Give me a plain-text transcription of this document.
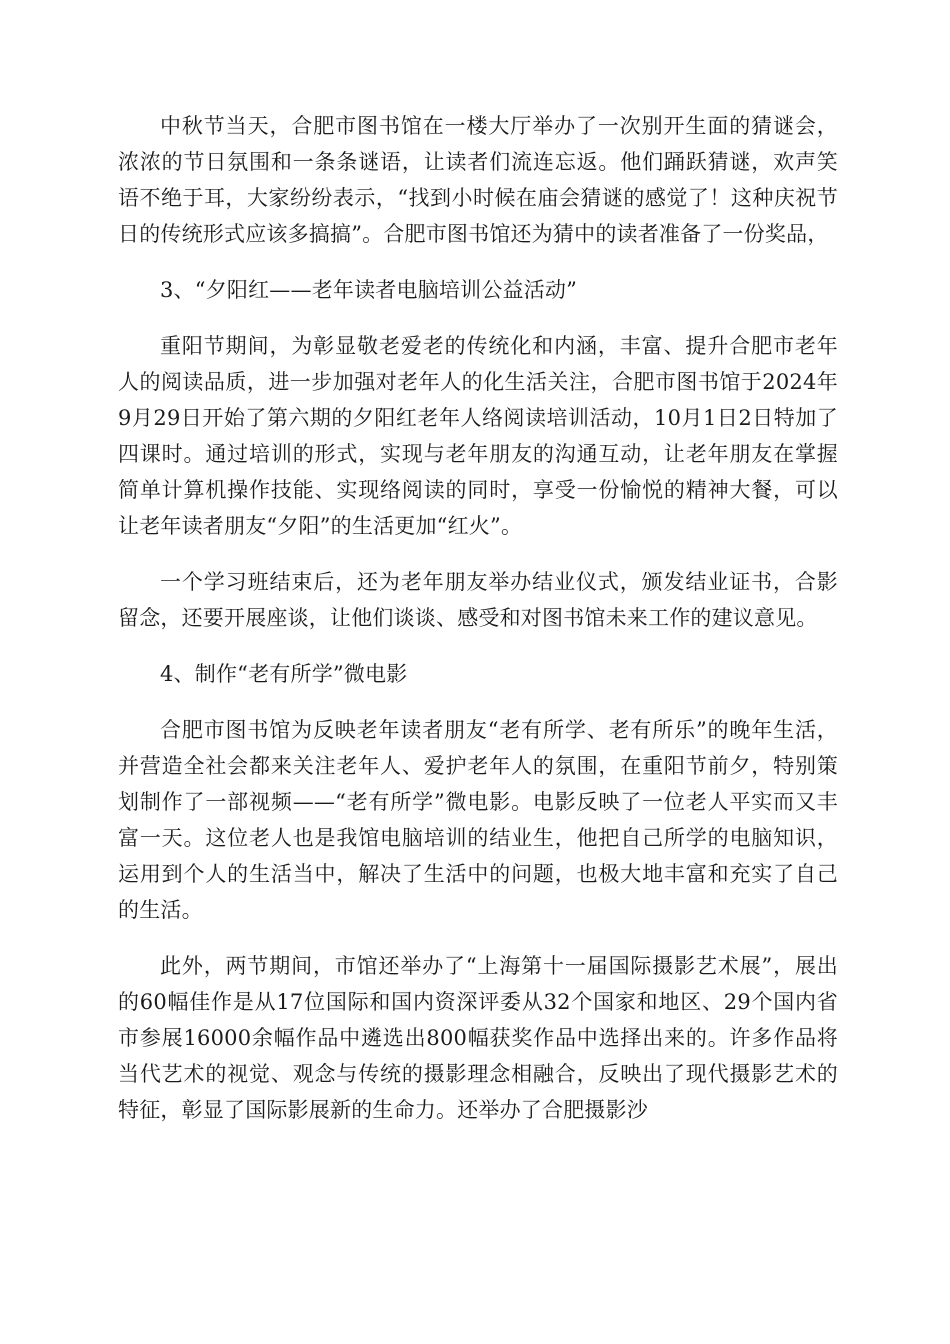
中秋节当天，合肥市图书馆在一楼大厅举办了一次别开生面的猜谜会，浓浓的节日氛围和一条条谜语，让读者们流连忘返。他们踊跃猜谜，欢声笑语不绝于耳，大家纷纷表示，“找到小时候在庙会猜谜的感觉了！这种庆祝节日的传统形式应该多搞搞”。合肥市图书馆还为猜中的读者准备了一份奖品，

3、“夕阳红——老年读者电脑培训公益活动”

重阳节期间，为彰显敬老爱老的传统化和内涵，丰富、提升合肥市老年人的阅读品质，进一步加强对老年人的化生活关注，合肥市图书馆于2024年9月29日开始了第六期的夕阳红老年人络阅读培训活动，10月1日2日特加了四课时。通过培训的形式，实现与老年朋友的沟通互动，让老年朋友在掌握简单计算机操作技能、实现络阅读的同时，享受一份愉悦的精神大餐，可以让老年读者朋友“夕阳”的生活更加“红火”。

一个学习班结束后，还为老年朋友举办结业仪式，颁发结业证书，合影留念，还要开展座谈，让他们谈谈、感受和对图书馆未来工作的建议意见。

4、制作“老有所学”微电影

合肥市图书馆为反映老年读者朋友“老有所学、老有所乐”的晚年生活，并营造全社会都来关注老年人、爱护老年人的氛围，在重阳节前夕，特别策划制作了一部视频——“老有所学”微电影。电影反映了一位老人平实而又丰富一天。这位老人也是我馆电脑培训的结业生，他把自己所学的电脑知识，运用到个人的生活当中，解决了生活中的问题，也极大地丰富和充实了自己的生活。

此外，两节期间，市馆还举办了“上海第十一届国际摄影艺术展”，展出的60幅佳作是从17位国际和国内资深评委从32个国家和地区、29个国内省市参展16000余幅作品中遴选出800幅获奖作品中选择出来的。许多作品将当代艺术的视觉、观念与传统的摄影理念相融合，反映出了现代摄影艺术的特征，彰显了国际影展新的生命力。还举办了合肥摄影沙
